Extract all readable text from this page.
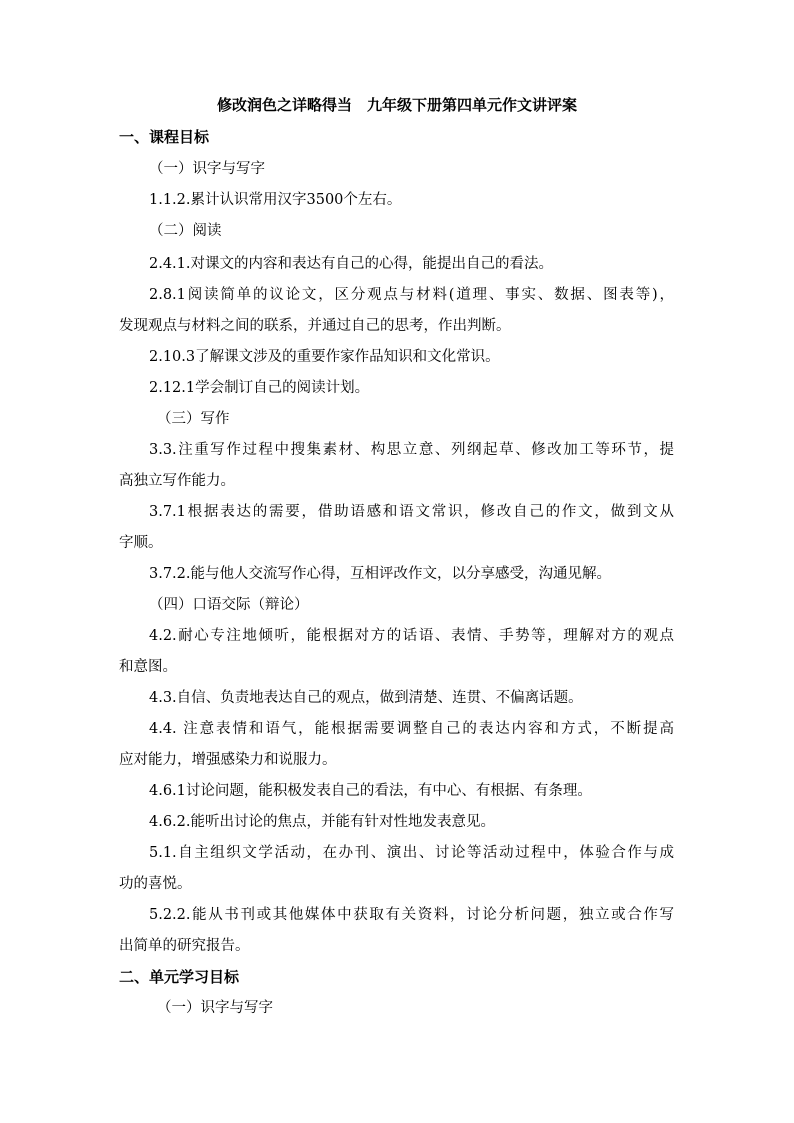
修改润色之详略得当　九年级下册第四单元作文讲评案
一、课程目标
（一）识字与写字
1.1.2.累计认识常用汉字3500个左右。
（二）阅读
2.4.1.对课文的内容和表达有自己的心得，能提出自己的看法。
2.8.1阅读简单的议论文，区分观点与材料(道理、事实、数据、图表等)，
发现观点与材料之间的联系，并通过自己的思考，作出判断。
2.10.3了解课文涉及的重要作家作品知识和文化常识。
2.12.1学会制订自己的阅读计划。
（三）写作
3.3.注重写作过程中搜集素材、构思立意、列纲起草、修改加工等环节，提
高独立写作能力。
3.7.1根据表达的需要，借助语感和语文常识，修改自己的作文，做到文从
字顺。
3.7.2.能与他人交流写作心得，互相评改作文，以分享感受，沟通见解。
（四）口语交际（辩论）
4.2.耐心专注地倾听，能根据对方的话语、表情、手势等，理解对方的观点
和意图。
4.3.自信、负责地表达自己的观点，做到清楚、连贯、不偏离话题。
4.4. 注意表情和语气，能根据需要调整自己的表达内容和方式，不断提高
应对能力，增强感染力和说服力。
4.6.1讨论问题，能积极发表自己的看法，有中心、有根据、有条理。
4.6.2.能听出讨论的焦点，并能有针对性地发表意见。
5.1.自主组织文学活动，在办刊、演出、讨论等活动过程中，体验合作与成
功的喜悦。
5.2.2.能从书刊或其他媒体中获取有关资料，讨论分析问题，独立或合作写
出简单的研究报告。
二、单元学习目标
（一）识字与写字
